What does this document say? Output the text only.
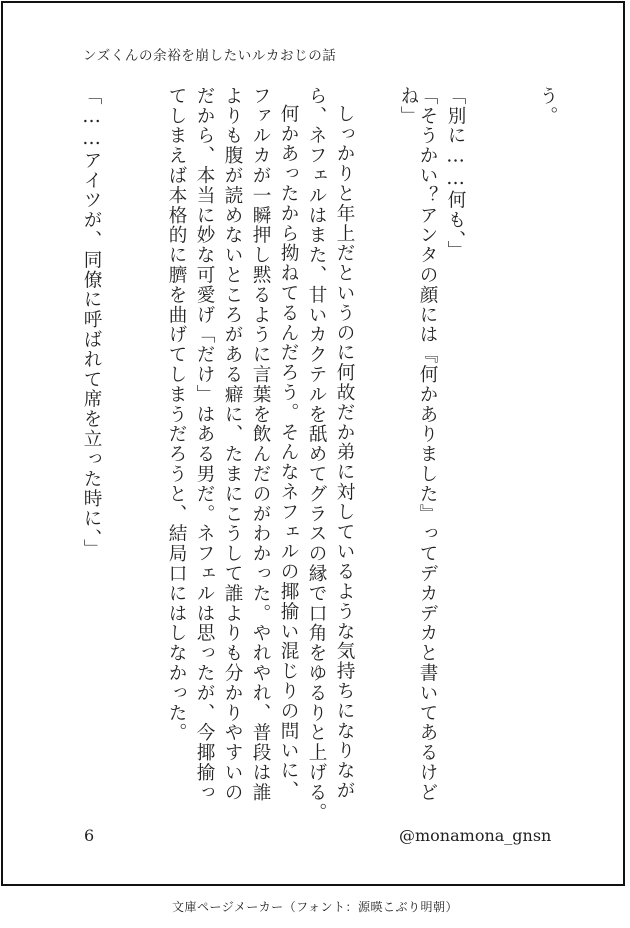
ンズくんの余裕を崩したいルカおじの話
う。
「別に……何も、」
「そうかい？アンタの顔には『何かありました』ってデカデカと書いてあるけど
ね」
しっかりと年上だというのに何故だか弟に対しているような気持ちになりなが
ら、ネフェルはまた、甘いカクテルを舐めてグラスの縁で口角をゆるりと上げる。
何かあったから拗ねてるんだろう。そんなネフェルの揶揄い混じりの問いに、
ファルカが一瞬押し黙るように言葉を飲んだのがわかった。やれやれ、普段は誰
よりも腹が読めないところがある癖に、たまにこうして誰よりも分かりやすいの
だから、本当に妙な可愛げ「だけ」はある男だ。ネフェルは思ったが、今揶揄っ
てしまえば本格的に臍を曲げてしまうだろうと、結局口にはしなかった。
「……アイツが、同僚に呼ばれて席を立った時に、」
6	@monamona_gnsn
文庫ページメーカー（フォント：源暎こぶり明朝）
